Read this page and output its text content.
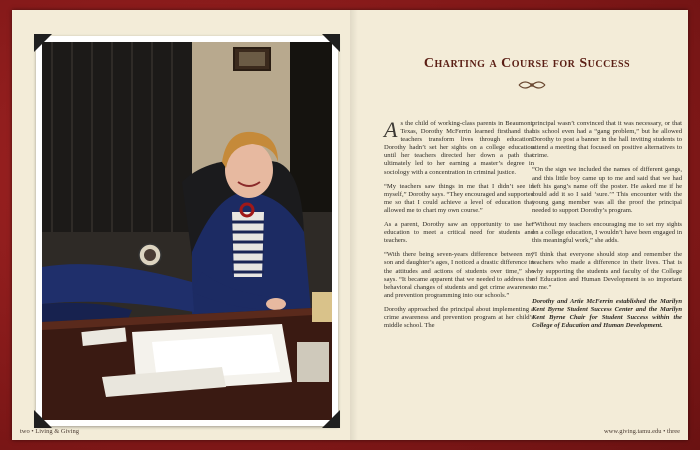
Charting a Course for Success

A s the child of working-class parents in Beaumont, Texas, Dorothy McFerrin learned firsthand that teachers transform lives through education. Dorothy hadn’t set her sights on a college education until her teachers directed her down a path that ultimately led to her earning a master’s degree in sociology with a concentration in criminal justice.

“My teachers saw things in me that I didn’t see in myself,” Dorothy says. “They encouraged and supported me so that I could achieve a level of education that allowed me to chart my own course.”

As a parent, Dorothy saw an opportunity to use her education to meet a critical need for students and teachers.

“With there being seven-years difference between my son and daughter’s ages, I noticed a drastic difference in the attitudes and actions of students over time,” she says. “It became apparent that we needed to address the behavioral changes of students and get crime awareness and prevention programming into our schools.”

Dorothy approached the principal about implementing a crime awareness and prevention program at her child’s middle school. The

principal wasn’t convinced that it was necessary, or that his school even had a “gang problem,” but he allowed Dorothy to post a banner in the hall inviting students to attend a meeting that focused on positive alternatives to crime.

“On the sign we included the names of different gangs, and this little boy came up to me and said that we had left his gang’s name off the poster. He asked me if he could add it so I said ‘sure.’” This encounter with the young gang member was all the proof the principal needed to support Dorothy’s program.

“Without my teachers encouraging me to set my sights on a college education, I wouldn’t have been engaged in this meaningful work,” she adds.

“I think that everyone should stop and remember the teachers who made a difference in their lives. That is why supporting the students and faculty of the College of Education and Human Development is so important to me.”

Dorothy and Artie McFerrin established the Marilyn Kent Byrne Student Success Center and the Marilyn Kent Byrne Chair for Student Success within the College of Education and Human Development.

two • Living & Giving	www.giving.tamu.edu • three
